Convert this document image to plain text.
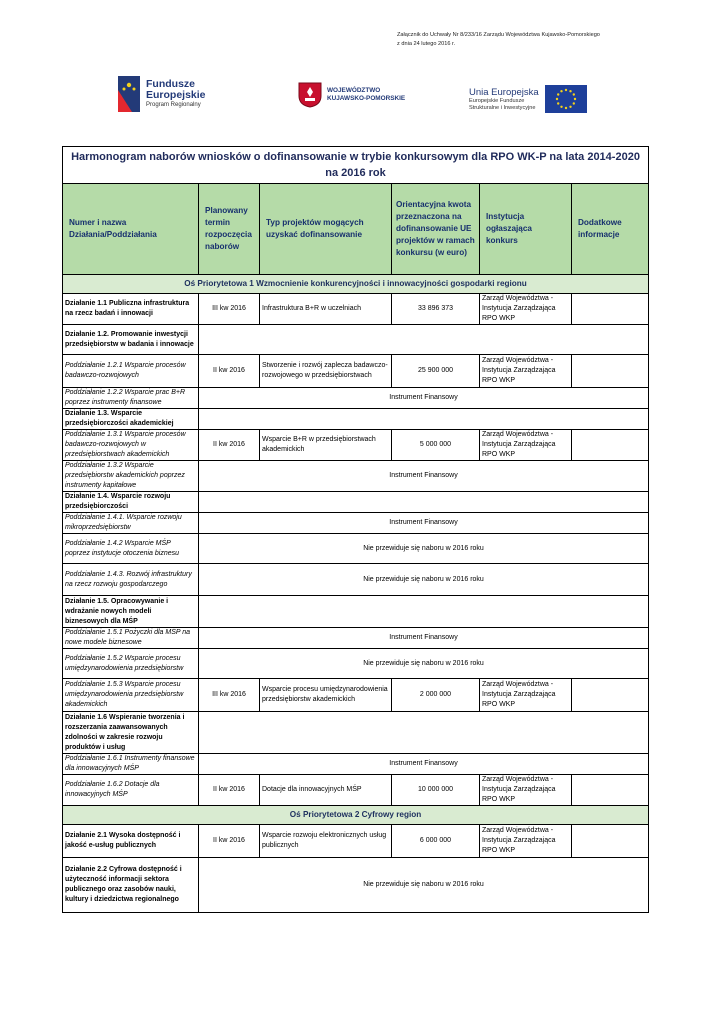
Załącznik do Uchwały Nr 8/233/16 Zarządu Województwa Kujawsko-Pomorskiego
z dnia 24 lutego 2016 r.
Fundusze
Europejskie
Program Regionalny
WOJEWÓDZTWO
KUJAWSKO-POMORSKIE
Unia Europejska
Europejskie Fundusze
Strukturalne i Inwestycyjne
Harmonogram naborów wniosków o dofinansowanie w trybie konkursowym dla RPO WK-P na lata 2014-2020 na 2016 rok					
Numer i nazwa Działania/Poddziałania	Planowany termin rozpoczęcia naborów	Typ projektów mogących uzyskać dofinansowanie	Orientacyjna kwota przeznaczona na dofinansowanie UE projektów w ramach konkursu (w euro)	Instytucja ogłaszająca konkurs	Dodatkowe informacje
Oś Priorytetowa 1 Wzmocnienie konkurencyjności i innowacyjności gospodarki regionu					
Działanie 1.1 Publiczna infrastruktura na rzecz badań i innowacji	III kw 2016	Infrastruktura B+R w uczelniach	33 896 373	Zarząd Województwa - Instytucja Zarządzająca RPO WKP	
Działanie 1.2. Promowanie inwestycji przedsiębiorstw w badania i innowacje					
Poddziałanie 1.2.1 Wsparcie procesów badawczo-rozwojowych	II kw 2016	Stworzenie i rozwój zaplecza badawczo-rozwojowego w przedsiębiorstwach	25 900 000	Zarząd Województwa - Instytucja Zarządzająca RPO WKP	
Poddziałanie 1.2.2 Wsparcie prac B+R poprzez instrumenty finansowe	Instrument Finansowy				
Działanie 1.3. Wsparcie przedsiębiorczości akademickiej					
Poddziałanie 1.3.1 Wsparcie procesów badawczo-rozwojowych w przedsiębiorstwach akademickich	II kw 2016	Wsparcie B+R w przedsiębiorstwach akademickich	5 000 000	Zarząd Województwa - Instytucja Zarządzająca RPO WKP	
Poddziałanie 1.3.2 Wsparcie przedsiębiorstw akademickich poprzez instrumenty kapitałowe	Instrument Finansowy				
Działanie 1.4. Wsparcie rozwoju przedsiębiorczości					
Poddziałanie 1.4.1. Wsparcie rozwoju mikroprzedsiębiorstw	Instrument Finansowy				
Poddziałanie 1.4.2 Wsparcie MŚP poprzez instytucje otoczenia biznesu	Nie przewiduje się naboru w 2016 roku				
Poddziałanie 1.4.3. Rozwój infrastruktury na rzecz rozwoju gospodarczego	Nie przewiduje się naboru w 2016 roku				
Działanie 1.5. Opracowywanie i wdrażanie nowych modeli biznesowych dla MŚP					
Poddziałanie 1.5.1 Pożyczki dla MŚP na nowe modele biznesowe	Instrument Finansowy				
Poddziałanie 1.5.2 Wsparcie procesu umiędzynarodowienia przedsiębiorstw	Nie przewiduje się naboru w 2016 roku				
Poddziałanie 1.5.3 Wsparcie procesu umiędzynarodowienia przedsiębiorstw akademickich	III kw 2016	Wsparcie procesu umiędzynarodowienia przedsiębiorstw akademickich	2 000 000	Zarząd Województwa - Instytucja Zarządzająca RPO WKP	
Działanie 1.6 Wspieranie tworzenia i rozszerzania zaawansowanych zdolności w zakresie rozwoju produktów i usług					
Poddziałanie 1.6.1 Instrumenty finansowe dla innowacyjnych MŚP	Instrument Finansowy				
Poddziałanie 1.6.2 Dotacje dla innowacyjnych MŚP	II kw 2016	Dotacje dla innowacyjnych MŚP	10 000 000	Zarząd Województwa - Instytucja Zarządzająca RPO WKP	
Oś Priorytetowa 2 Cyfrowy region					
Działanie 2.1 Wysoka dostępność i jakość e-usług publicznych	II kw 2016	Wsparcie rozwoju elektronicznych usług publicznych	6 000 000	Zarząd Województwa - Instytucja Zarządzająca RPO WKP	
Działanie 2.2 Cyfrowa dostępność i użyteczność informacji sektora publicznego oraz zasobów nauki, kultury i dziedzictwa regionalnego	Nie przewiduje się naboru w 2016 roku				
